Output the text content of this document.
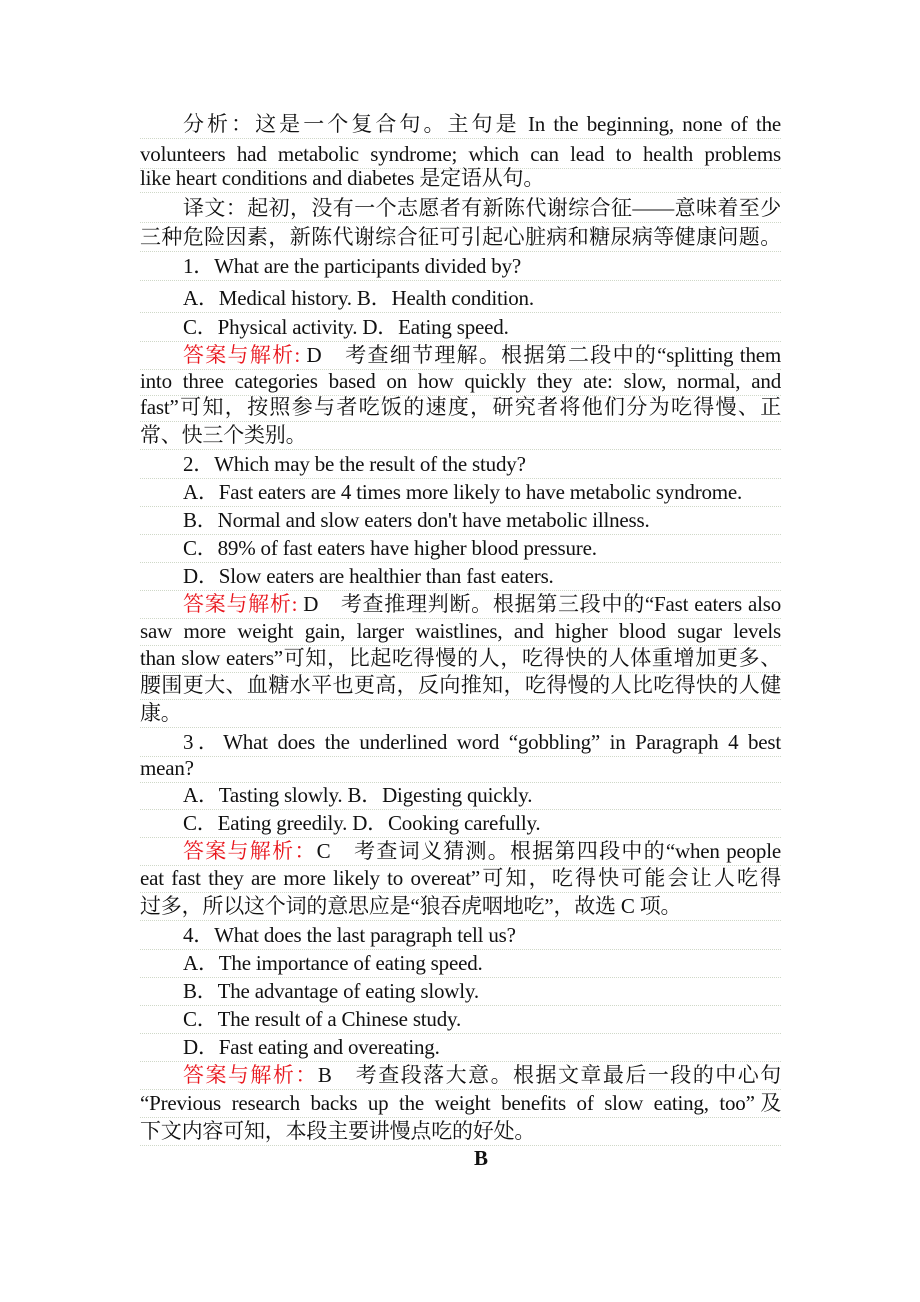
分析：这是一个复合句。主句是 In the beginning, none of the
volunteers had metabolic syndrome; which can lead to health problems
like heart conditions and diabetes 是定语从句。
译文：起初，没有一个志愿者有新陈代谢综合征——意味着至少
三种危险因素，新陈代谢综合征可引起心脏病和糖尿病等健康问题。
1．What are the participants divided by?
A．Medical history. B．Health condition.
C．Physical activity. D．Eating speed.
答案与解析: D　考查细节理解。根据第二段中的“splitting them
into three categories based on how quickly they ate: slow, normal, and
fast”可知，按照参与者吃饭的速度，研究者将他们分为吃得慢、正
常、快三个类别。
2．Which may be the result of the study?
A．Fast eaters are 4 times more likely to have metabolic syndrome.
B．Normal and slow eaters don't have metabolic illness.
C．89% of fast eaters have higher blood pressure.
D．Slow eaters are healthier than fast eaters.
答案与解析: D　考查推理判断。根据第三段中的“Fast eaters also
saw more weight gain, larger waistlines, and higher blood sugar levels
than slow eaters”可知，比起吃得慢的人，吃得快的人体重增加更多、
腰围更大、血糖水平也更高，反向推知，吃得慢的人比吃得快的人健
康。
3．What does the underlined word “gobbling” in Paragraph 4 best
mean?
A．Tasting slowly. B．Digesting quickly.
C．Eating greedily. D．Cooking carefully.
答案与解析：C　考查词义猜测。根据第四段中的“when people
eat fast they are more likely to overeat”可知，吃得快可能会让人吃得
过多，所以这个词的意思应是“狼吞虎咽地吃”，故选 C 项。
4．What does the last paragraph tell us?
A．The importance of eating speed.
B．The advantage of eating slowly.
C．The result of a Chinese study.
D．Fast eating and overeating.
答案与解析：B　考查段落大意。根据文章最后一段的中心句
“Previous research backs up the weight benefits of slow eating, too”及
下文内容可知，本段主要讲慢点吃的好处。
B
